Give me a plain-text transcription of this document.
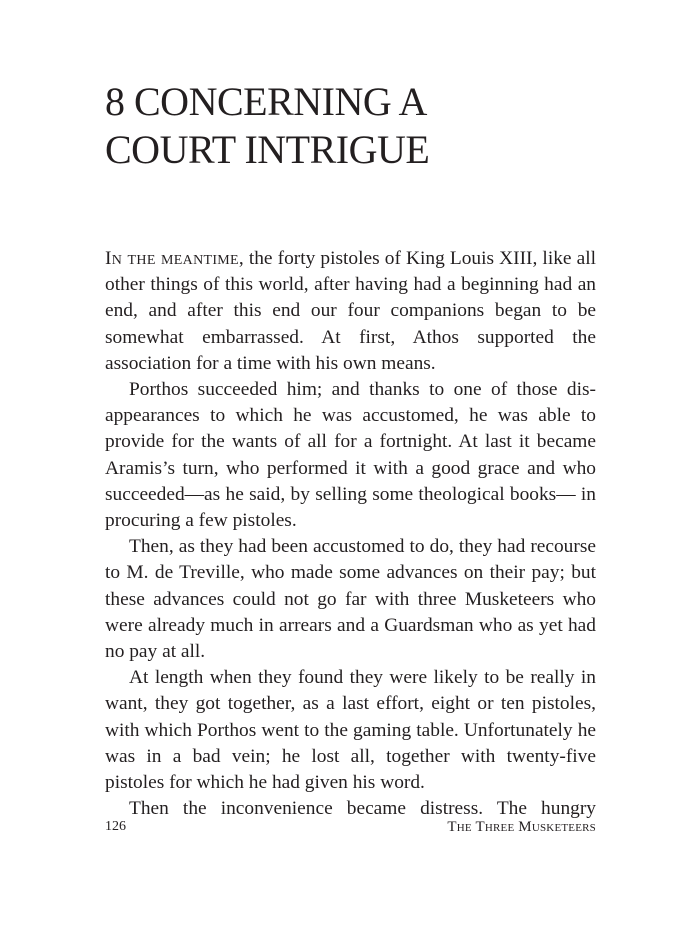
8 CONCERNING A
COURT INTRIGUE

In the meantime, the forty pistoles of King Louis XIII, like all other things of this world, after having had a beginning had an end, and after this end our four companions began to be somewhat embarrassed. At first, Athos supported the association for a time with his own means.

Porthos succeeded him; and thanks to one of those disappearances to which he was accustomed, he was able to provide for the wants of all for a fortnight. At last it became Aramis’s turn, who performed it with a good grace and who succeeded—as he said, by selling some theological books— in procuring a few pistoles.

Then, as they had been accustomed to do, they had recourse to M. de Treville, who made some advances on their pay; but these advances could not go far with three Musketeers who were already much in arrears and a Guardsman who as yet had no pay at all.

At length when they found they were likely to be really in want, they got together, as a last effort, eight or ten pistoles, with which Porthos went to the gaming table. Unfortunately he was in a bad vein; he lost all, together with twenty-five pistoles for which he had given his word.

Then the inconvenience became distress. The hungry

126	The Three Musketeers
